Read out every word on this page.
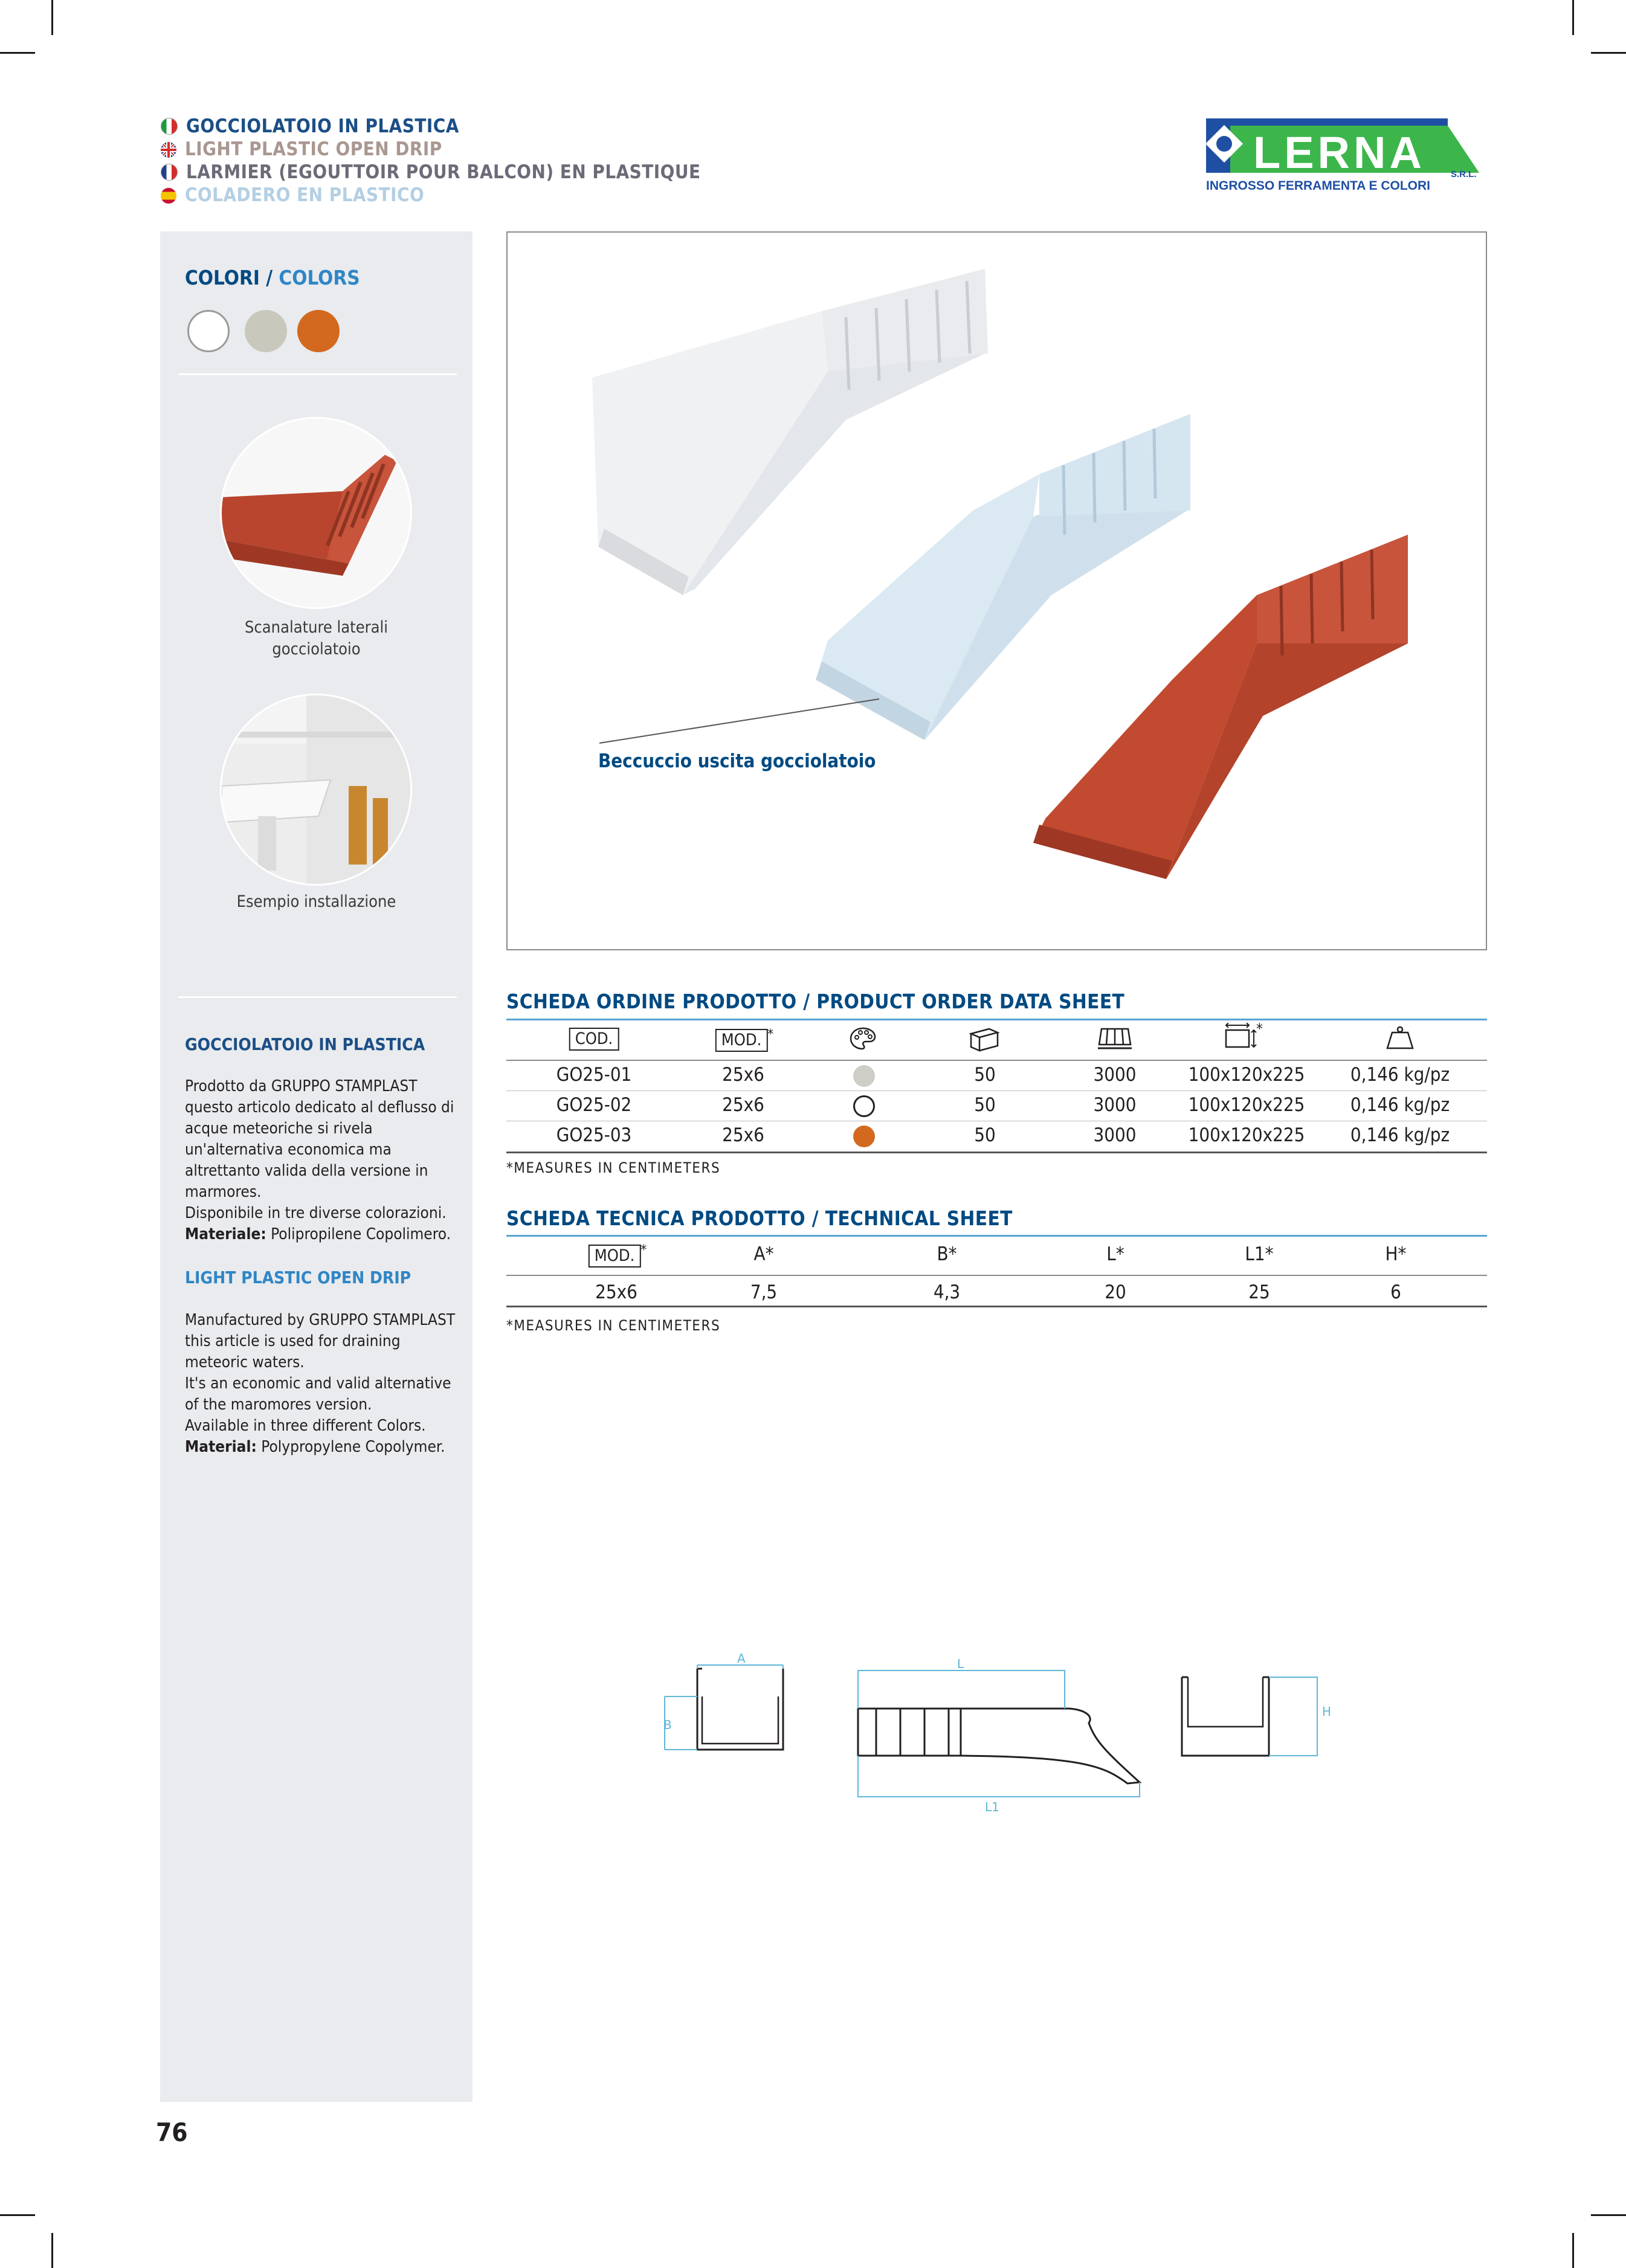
GOCCIOLATOIO IN PLASTICA
LIGHT PLASTIC OPEN DRIP
LARMIER (EGOUTTOIR POUR BALCON) EN PLASTIQUE
COLADERO EN PLASTICO
LERNA	S.R.L.
INGROSSO FERRAMENTA E COLORI
COLORI / COLORS
Scanalature laterali gocciolatoio
Esempio installazione
GOCCIOLATOIO IN PLASTICA

Prodotto da GRUPPO STAMPLAST questo articolo dedicato al deflusso di acque meteoriche si rivela un'alternativa economica ma altrettanto valida della versione in marmores.

Disponibile in tre diverse colorazioni.

Materiale: Polipropilene Copolimero.

LIGHT PLASTIC OPEN DRIP

Manufactured by GRUPPO STAMPLAST this article is used for draining meteoric waters.

It's an economic and valid alternative of the maromores version.

Available in three different Colors.

Material: Polypropylene Copolymer.

Beccuccio uscita gocciolatoio
SCHEDA ORDINE PRODOTTO / PRODUCT ORDER DATA SHEET
COD.	MOD. *	*
GO25-01	25x6	50	3000	100x120x225 0,146 kg/pz
GO25-02	25x6	50	3000	100x120x225 0,146 kg/pz
GO25-03	25x6	50	3000	100x120x225 0,146 kg/pz
*MEASURES IN CENTIMETERS
SCHEDA TECNICA PRODOTTO / TECHNICAL SHEET
MOD. *	A*	B*	L*	L1*	H*
25x6	7,5	4,3	20	25	6
*MEASURES IN CENTIMETERS
A
B
L
L1
H
76
